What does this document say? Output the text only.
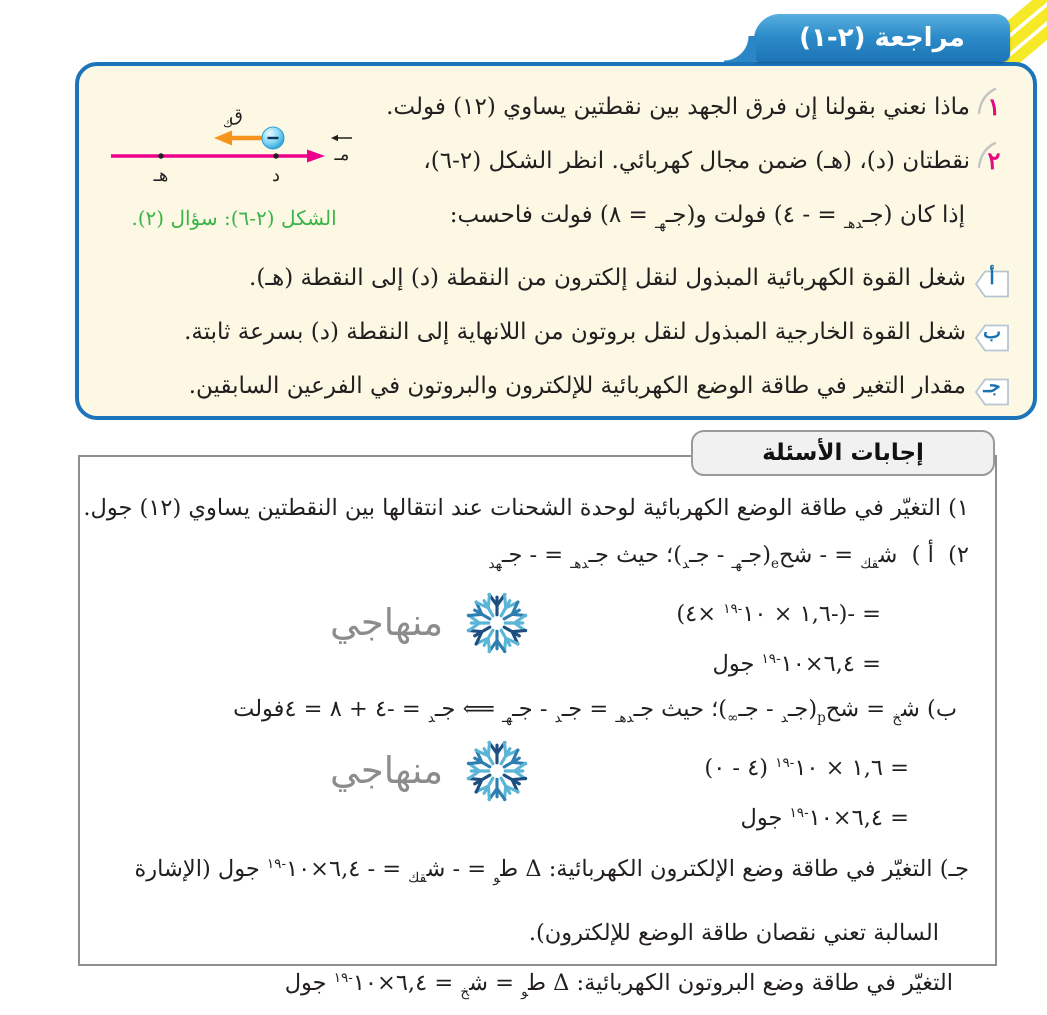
مراجعة (٢-١)
١
ماذا نعني بقولنا إن فرق الجهد بين نقطتين يساوي (١٢) فولت.
٢
نقطتان (د)، (هـ) ضمن مجال كهربائي. انظر الشكل (٢-٦)،
إذا كان (جـ$_{دهـ}$ = - ٤) فولت و(جـ$_{هـ}$ = ٨) فولت فاحسب:
أ
شغل القوة الكهربائية المبذول لنقل إلكترون من النقطة (د) إلى النقطة (هـ).
ب
شغل القوة الخارجية المبذول لنقل بروتون من اللانهاية إلى النقطة (د) بسرعة ثابتة.
جـ
مقدار التغير في طاقة الوضع الكهربائية للإلكترون والبروتون في الفرعين السابقين.
مـ
هـ	د
ق
ك
الشكل (٢-٦): سؤال (٢).
إجابات الأسئلة
١) التغيّر في طاقة الوضع الكهربائية لوحدة الشحنات عند انتقالها بين النقطتين يساوي (١٢) جول.
٢)  أ )  ش$_{قك}$ = - شح$_e$(جـ$_{هـ}$ - جـ$_د$)؛ حيث جـ$_{دهـ}$ = - جـ$_{هد}$
= -(-١,٦ × $١٠^{-١٩}$ ×٤)
= $٦,٤\times ١٠^{-١٩}$ جول
ب) ش$_خ$ = شح$_p$(جـ$_د$ - جـ$_\infty$)؛ حيث جـ$_{دهـ}$ = جـ$_د$ - جـ$_{هـ}$ ⟸ جـ$_د$ = -٤ + ٨ = ٤فولت
= ١,٦ × $١٠^{-١٩}$ (٤ - ٠)
= $٦,٤\times ١٠^{-١٩}$ جول
جـ) التغيّر في طاقة وضع الإلكترون الكهربائية: Δ ط$_و$ = - ش$_{قك}$ = - $٦,٤\times ١٠^{-١٩}$ جول (الإشارة
السالبة تعني نقصان طاقة الوضع للإلكترون).
التغيّر في طاقة وضع البروتون الكهربائية: Δ ط$_و$ = ش$_خ$ = $٦,٤\times ١٠^{-١٩}$ جول
منهاجي
منهاجي
